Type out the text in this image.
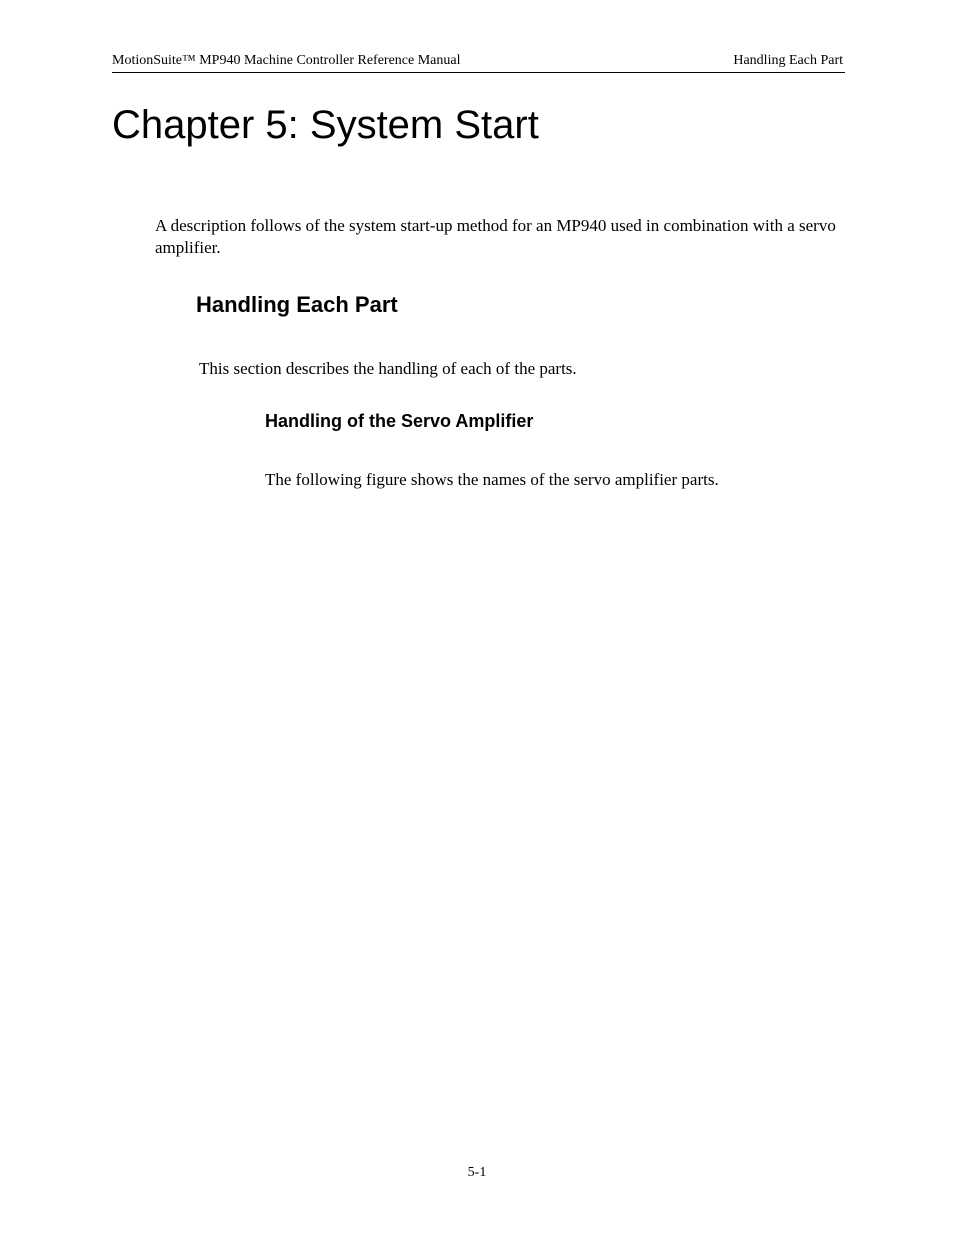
MotionSuite™ MP940 Machine Controller Reference Manual	Handling Each Part
Chapter 5: System Start

A description follows of the system start-up method for an MP940 used in combination with a servo amplifier.

Handling Each Part

This section describes the handling of each of the parts.

Handling of the Servo Amplifier

The following figure shows the names of the servo amplifier parts.

5-1
